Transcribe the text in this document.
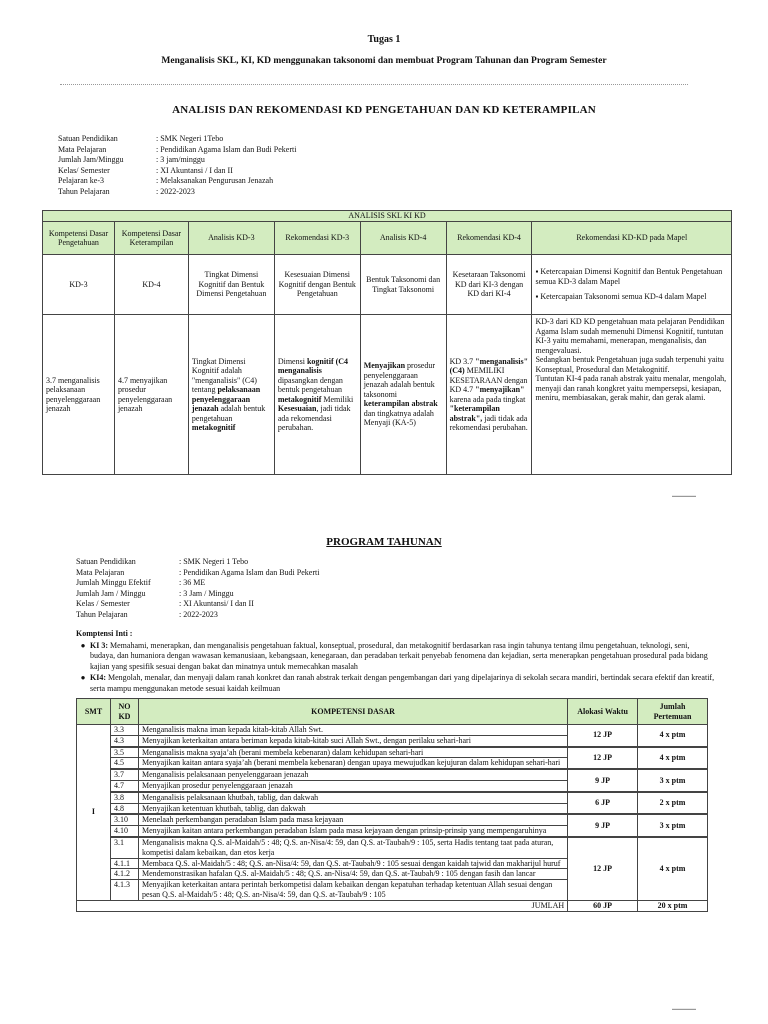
Tugas 1
Menganalisis SKL, KI, KD menggunakan taksonomi dan membuat Program Tahunan dan Program Semester
ANALISIS DAN REKOMENDASI KD PENGETAHUAN DAN KD KETERAMPILAN
Satuan Pendidikan	: SMK Negeri 1Tebo
Mata Pelajaran	: Pendidikan Agama Islam dan Budi Pekerti
Jumlah Jam/Minggu	: 3 jam/minggu
Kelas/ Semester	: XI Akuntansi / I dan II
Pelajaran ke-3	: Melaksanakan Pengurusan Jenazah
Tahun Pelajaran	: 2022-2023
ANALISIS SKL KI KD						
Kompetensi Dasar Pengetahuan	Kompetensi Dasar Keterampilan	Analisis KD-3	Rekomendasi KD-3	Analisis KD-4	Rekomendasi KD-4	Rekomendasi KD-KD pada Mapel
KD-3	KD-4	Tingkat Dimensi Kognitif dan Bentuk Dimensi Pengetahuan	Kesesuaian Dimensi Kognitif dengan Bentuk Pengetahuan	Bentuk Taksonomi dan Tingkat Taksonomi	Kesetaraan Taksonomi KD dari KI-3 dengan KD dari KI-4	▪ Ketercapaian Dimensi Kognitif dan Bentuk Pengetahuan semua KD-3 dalam Mapel
▪ Ketercapaian Taksonomi semua KD-4 dalam Mapel

3.7 menganalisis pelaksanaan penyelenggaraan jenazah	4.7 menyajikan prosedur penyelenggaraan jenazah	Tingkat Dimensi Kognitif adalah "menganalisis" (C4) tentang pelaksanaan penyelenggaraan jenazah adalah bentuk pengetahuan metakognitif	Dimensi kognitif (C4 menganalisis dipasangkan dengan bentuk pengetahuan metakognitif Memiliki Kesesuaian, jadi tidak ada rekomendasi perubahan.	Menyajikan prosedur penyelenggaraan jenazah adalah bentuk taksonomi keterampilan abstrak dan tingkatnya adalah Menyaji (KA-5)	KD 3.7 "menganalisis" (C4) MEMILIKI KESETARAAN dengan KD 4.7 "menyajikan" karena ada pada tingkat "keterampilan abstrak", jadi tidak ada rekomendasi perubahan.	KD-3 dari KD KD pengetahuan mata pelajaran Pendidikan Agama Islam sudah memenuhi Dimensi Kognitif, tuntutan KI-3 yaitu memahami, menerapan, menganalisis, dan mengevaluasi.
Sedangkan bentuk Pengetahuan juga sudah terpenuhi yaitu Konseptual, Prosedural dan Metakognitif.
Tuntutan KI-4 pada ranah abstrak yaitu menalar, mengolah, menyaji dan ranah kongkret yaitu mempersepsi, kesiapan, meniru, membiasakan, gerak mahir, dan gerak alami.
▬▬▬▬▬▬
PROGRAM TAHUNAN
Satuan Pendidikan	: SMK Negeri 1 Tebo
Mata Pelajaran	: Pendidikan Agama Islam dan Budi Pekerti
Jumlah Minggu Efektif	: 36 ME
Jumlah Jam / Minggu	: 3 Jam / Minggu
Kelas / Semester	: XI Akuntansi/ I dan II
Tahun Pelajaran	: 2022-2023
Komptensi Inti :
● KI 3: Memahami, menerapkan, dan menganalisis pengetahuan faktual, konseptual, prosedural, dan metakognitif berdasarkan rasa ingin tahunya tentang ilmu pengetahuan, teknologi, seni, budaya, dan humaniora dengan wawasan kemanusiaan, kebangsaan, kenegaraan, dan peradaban terkait penyebab fenomena dan kejadian, serta menerapkan pengetahuan prosedural pada bidang kajian yang spesifik sesuai dengan bakat dan minatnya untuk memecahkan masalah
● KI4: Mengolah, menalar, dan menyaji dalam ranah konkret dan ranah abstrak terkait dengan pengembangan dari yang dipelajarinya di sekolah secara mandiri, bertindak secara efektif dan kreatif, serta mampu menggunakan metode sesuai kaidah keilmuan
SMT	NO KD	KOMPETENSI DASAR	Alokasi Waktu	Jumlah Pertemuan
I	3.3	Menganalisis makna iman kepada kitab-kitab Allah Swt.	12 JP	4 x ptm
	4.3	Menyajikan keterkaitan antara beriman kepada kitab-kitab suci Allah Swt., dengan perilaku sehari-hari		
	3.5	Menganalisis makna syaja’ah (berani membela kebenaran) dalam kehidupan sehari-hari	12 JP	4 x ptm
	4.5	Menyajikan kaitan antara syaja’ah (berani membela kebenaran) dengan upaya mewujudkan kejujuran dalam kehidupan sehari-hari		
	3.7	Menganalisis pelaksanaan penyelenggaraan jenazah	9 JP	3 x ptm
	4.7	Menyajikan prosedur penyelenggaraan jenazah		
	3.8	Menganalisis pelaksanaan khutbah, tablig, dan dakwah	6 JP	2 x ptm
	4.8	Menyajikan ketentuan khutbah, tablig, dan dakwah		
	3.10	Menelaah perkembangan peradaban Islam pada masa kejayaan	9 JP	3 x ptm
	4.10	Menyajikan kaitan antara perkembangan peradaban Islam pada masa kejayaan dengan prinsip-prinsip yang mempengaruhinya		
	3.1	Menganalisis makna Q.S. al-Maidah/5 : 48; Q.S. an-Nisa/4: 59, dan Q.S. at-Taubah/9 : 105, serta Hadis tentang taat pada aturan, kompetisi dalam kebaikan, dan etos kerja	12 JP	4 x ptm
	4.1.1	Membaca Q.S. al-Maidah/5 : 48; Q.S. an-Nisa/4: 59, dan Q.S. at-Taubah/9 : 105 sesuai dengan kaidah tajwid dan makharijul huruf		
	4.1.2	Mendemonstrasikan hafalan Q.S. al-Maidah/5 : 48; Q.S. an-Nisa/4: 59, dan Q.S. at-Taubah/9 : 105 dengan fasih dan lancar		
	4.1.3	Menyajikan keterkaitan antara perintah berkompetisi dalam kebaikan dengan kepatuhan terhadap ketentuan Allah sesuai dengan pesan Q.S. al-Maidah/5 : 48; Q.S. an-Nisa/4: 59, dan Q.S. at-Taubah/9 : 105		
JUMLAH			60 JP	20 x ptm
▬▬▬▬▬▬
